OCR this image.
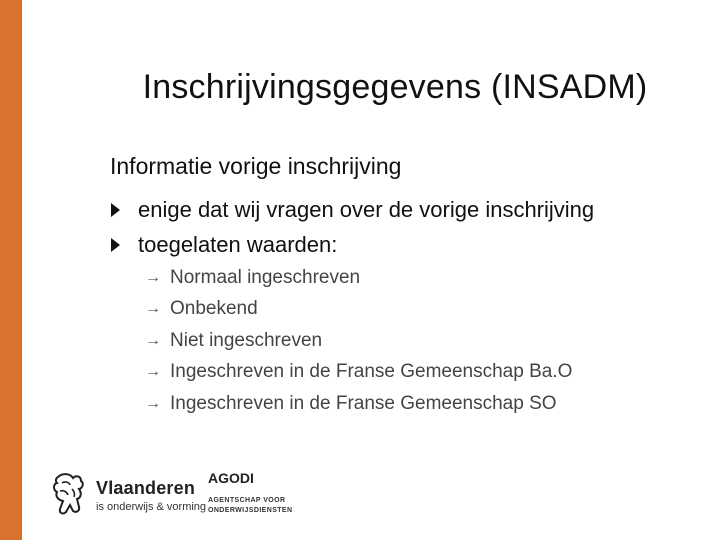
Inschrijvingsgegevens (INSADM)
Informatie vorige inschrijving
enige dat wij vragen over de vorige inschrijving
toegelaten waarden:
→ Normaal ingeschreven
→ Onbekend
→ Niet ingeschreven
→ Ingeschreven in de Franse Gemeenschap Ba.O
→ Ingeschreven in de Franse Gemeenschap SO
Vlaanderen
is onderwijs & vorming
AGODI
AGENTSCHAP VOOR
ONDERWIJSDIENSTEN
